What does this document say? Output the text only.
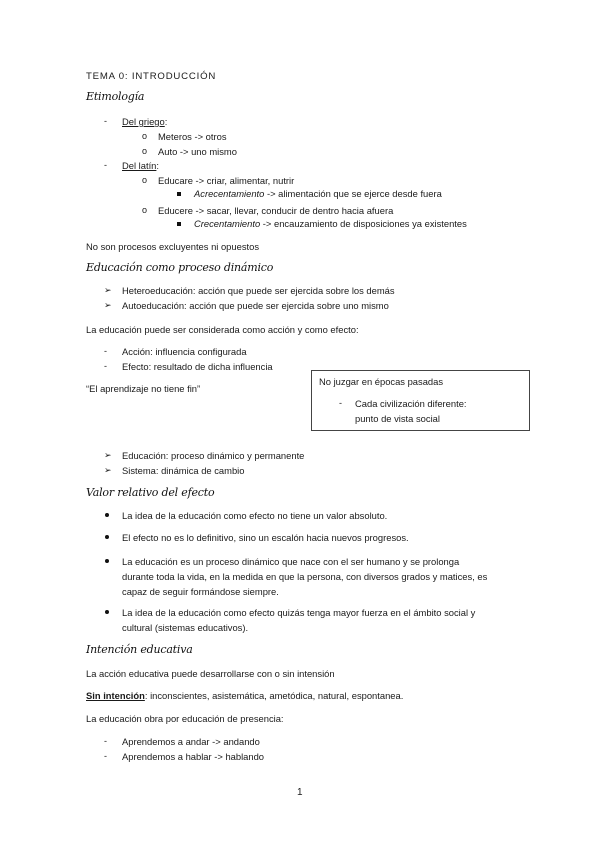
TEMA 0: INTRODUCCIÓN
Etimología
- Del griego:
o Meteros -> otros
o Auto -> uno mismo
- Del latín:
o Educare -> criar, alimentar, nutrir
Acrecentamiento -> alimentación que se ejerce desde fuera
o Educere -> sacar, llevar, conducir de dentro hacia afuera
Crecentamiento -> encauzamiento de disposiciones ya existentes
No son procesos excluyentes ni opuestos
Educación como proceso dinámico
➢ Heteroeducación: acción que puede ser ejercida sobre los demás
➢ Autoeducación: acción que puede ser ejercida sobre uno mismo
La educación puede ser considerada como acción y como efecto:
- Acción: influencia configurada
- Efecto: resultado de dicha influencia
“El aprendizaje no tiene fin”
No juzgar en épocas pasadas
- Cada civilización diferente:
punto de vista social
➢ Educación: proceso dinámico y permanente
➢ Sistema: dinámica de cambio
Valor relativo del efecto
La idea de la educación como efecto no tiene un valor absoluto.
El efecto no es lo definitivo, sino un escalón hacia nuevos progresos.
La educación es un proceso dinámico que nace con el ser humano y se prolonga
durante toda la vida, en la medida en que la persona, con diversos grados y matices, es
capaz de seguir formándose siempre.
La idea de la educación como efecto quizás tenga mayor fuerza en el ámbito social y
cultural (sistemas educativos).
Intención educativa
La acción educativa puede desarrollarse con o sin intensión
Sin intención: inconscientes, asistemática, ametódica, natural, espontanea.
La educación obra por educación de presencia:
- Aprendemos a andar -> andando
- Aprendemos a hablar -> hablando
1
